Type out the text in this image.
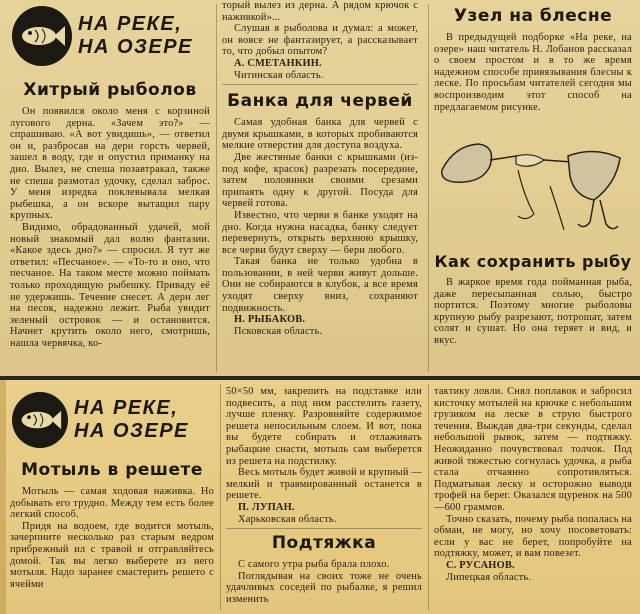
НА РЕКЕ,
НА ОЗЕРЕ
Хитрый рыболов

Он появился около меня с корзиной лугового дерна. «Зачем это?» — спрашиваю. «А вот увидишь», — ответил он и, разбросав на дерн горсть червей, зашел в воду, где и опустил приманку на дно. Вылез, не спеша позавтракал, также не спеша размотал удочку, сделал заброс. У меня изредка поклевывала мелкая рыбешка, а он вскоре вытащил пару крупных.

Видимо, обрадованный удачей, мой новый знакомый дал волю фантазии. «Какое здесь дно?» — спросил. Я тут же ответил: «Песчаное». — «То-то и оно, что песчаное. На таком месте можно поймать только проходящую рыбешку. Приваду её не удержишь. Течение снесет. А дерн лег на песок, надежно лежит. Рыба увидит зеленый островок — и остановится. Начнет крутить около него, смотришь, нашла червячка, ко-

торый вылез из дерна. А рядом крючок с наживкой»...

Слушая я рыболова и думал: а может, он вовсе не фантазирует, а рассказывает то, что добыл опытом?

А. СМЕТАНКИН.

Читинская область.

Банка для червей

Самая удобная банка для червей с двумя крышками, в которых пробиваются мелкие отверстия для доступа воздуха.

Две жестяные банки с крышками (из-под кофе, красок) разрезать посередине, затем половинки своими срезами припаять одну к другой. Посуда для червей готова.

Известно, что черви в банке уходят на дно. Когда нужна насадка, банку следует перевернуть, открыть верхнюю крышку, все черви будут сверху — бери любого.

Такая банка не только удобна в пользовании, в ней черви живут дольше. Они не собираются в клубок, а все время уходят сверху вниз, сохраняют подвижность.

Н. РЫБАКОВ.

Псковская область.

Узел на блесне

В предыдущей подборке «На реке, на озере» наш читатель Н. Лобанов рассказал о своем простом и в то же время надежном способе привязывания блесны к леске. По просьбам читателей сегодня мы воспроизводим этот способ на предлагаемом рисунке.

Как сохранить рыбу

В жаркое время года пойманная рыба, даже пересыпанная солью, быстро портится. Поэтому многие рыболовы крупную рыбу разрезают, потрошат, затем солят и сушат. Но она теряет и вид, и вкус.

НА РЕКЕ,
НА ОЗЕРЕ
Мотыль в решете

Мотыль — самая ходовая наживка. Но добывать его трудно. Между тем есть более легкий способ.

Придя на водоем, где водится мотыль, зачерпните несколько раз старым ведром прибрежный ил с травой и отгравляйтесь домой. Так вы легко выберете из него мотыля. Надо заранее смастерить решето с ячейми

50×50 мм, закрепить на подставке или подвесить, а под ним расстелить газету, лучше пленку. Разровняйте содержимое решета непосильным слоем. И вот, пока вы будете собирать и отлаживать рыбацкие снасти, мотыль сам выберется из решета на подстилку.

Весь мотыль будет живой и крупный — мелкий и травмированный останется в решете.

П. ЛУПАН.

Харьковская область.

Подтяжка

С самого утра рыба брала плохо.

Поглядывая на своих тоже не очень удачливых соседей по рыбалке, я решил изменить

тактику ловли. Снял поплавок и забросил кисточку мотылей на крючке с небольшим грузиком на леске в струю быстрого течения. Выждав два-три секунды, сделал небольшой рывок, затем — подтяжку. Неожиданно почувствовал толчок. Под живой тяжестью согнулась удочка, а рыба стала отчаянно сопротивляться. Подматывая леску и осторожно выводя трофей на берег. Оказался щуренок на 500—600 граммов.

Точно сказать, почему рыба попалась на обман, не могу, но хочу посоветовать: если у вас не берет, попробуйте на подтяжку, может, и вам повезет.

С. РУСАНОВ.

Липецкая область.
